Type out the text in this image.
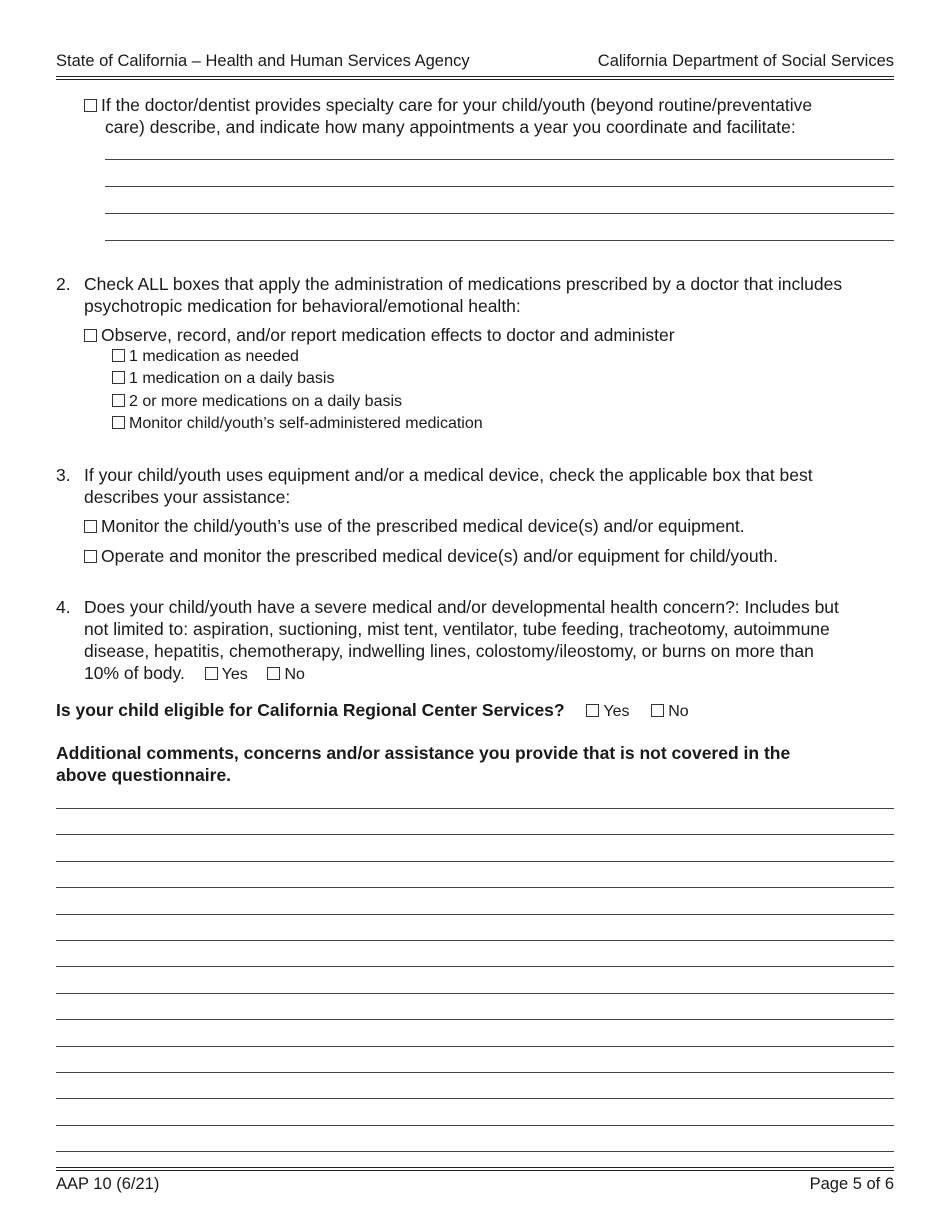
State of California – Health and Human Services Agency	California Department of Social Services
If the doctor/dentist provides specialty care for your child/youth (beyond routine/preventative
care) describe, and indicate how many appointments a year you coordinate and facilitate:
2. Check ALL boxes that apply the administration of medications prescribed by a doctor that includes
psychotropic medication for behavioral/emotional health:
Observe, record, and/or report medication effects to doctor and administer
1 medication as needed
1 medication on a daily basis
2 or more medications on a daily basis
Monitor child/youth’s self-administered medication
3. If your child/youth uses equipment and/or a medical device, check the applicable box that best
describes your assistance:
Monitor the child/youth’s use of the prescribed medical device(s) and/or equipment.
Operate and monitor the prescribed medical device(s) and/or equipment for child/youth.
4. Does your child/youth have a severe medical and/or developmental health concern?: Includes but
not limited to: aspiration, suctioning, mist tent, ventilator, tube feeding, tracheotomy, autoimmune
disease, hepatitis, chemotherapy, indwelling lines, colostomy/ileostomy, or burns on more than
10% of body. Yes No
Is your child eligible for California Regional Center Services? Yes No
Additional comments, concerns and/or assistance you provide that is not covered in the
above questionnaire.
AAP 10 (6/21)	Page 5 of 6
